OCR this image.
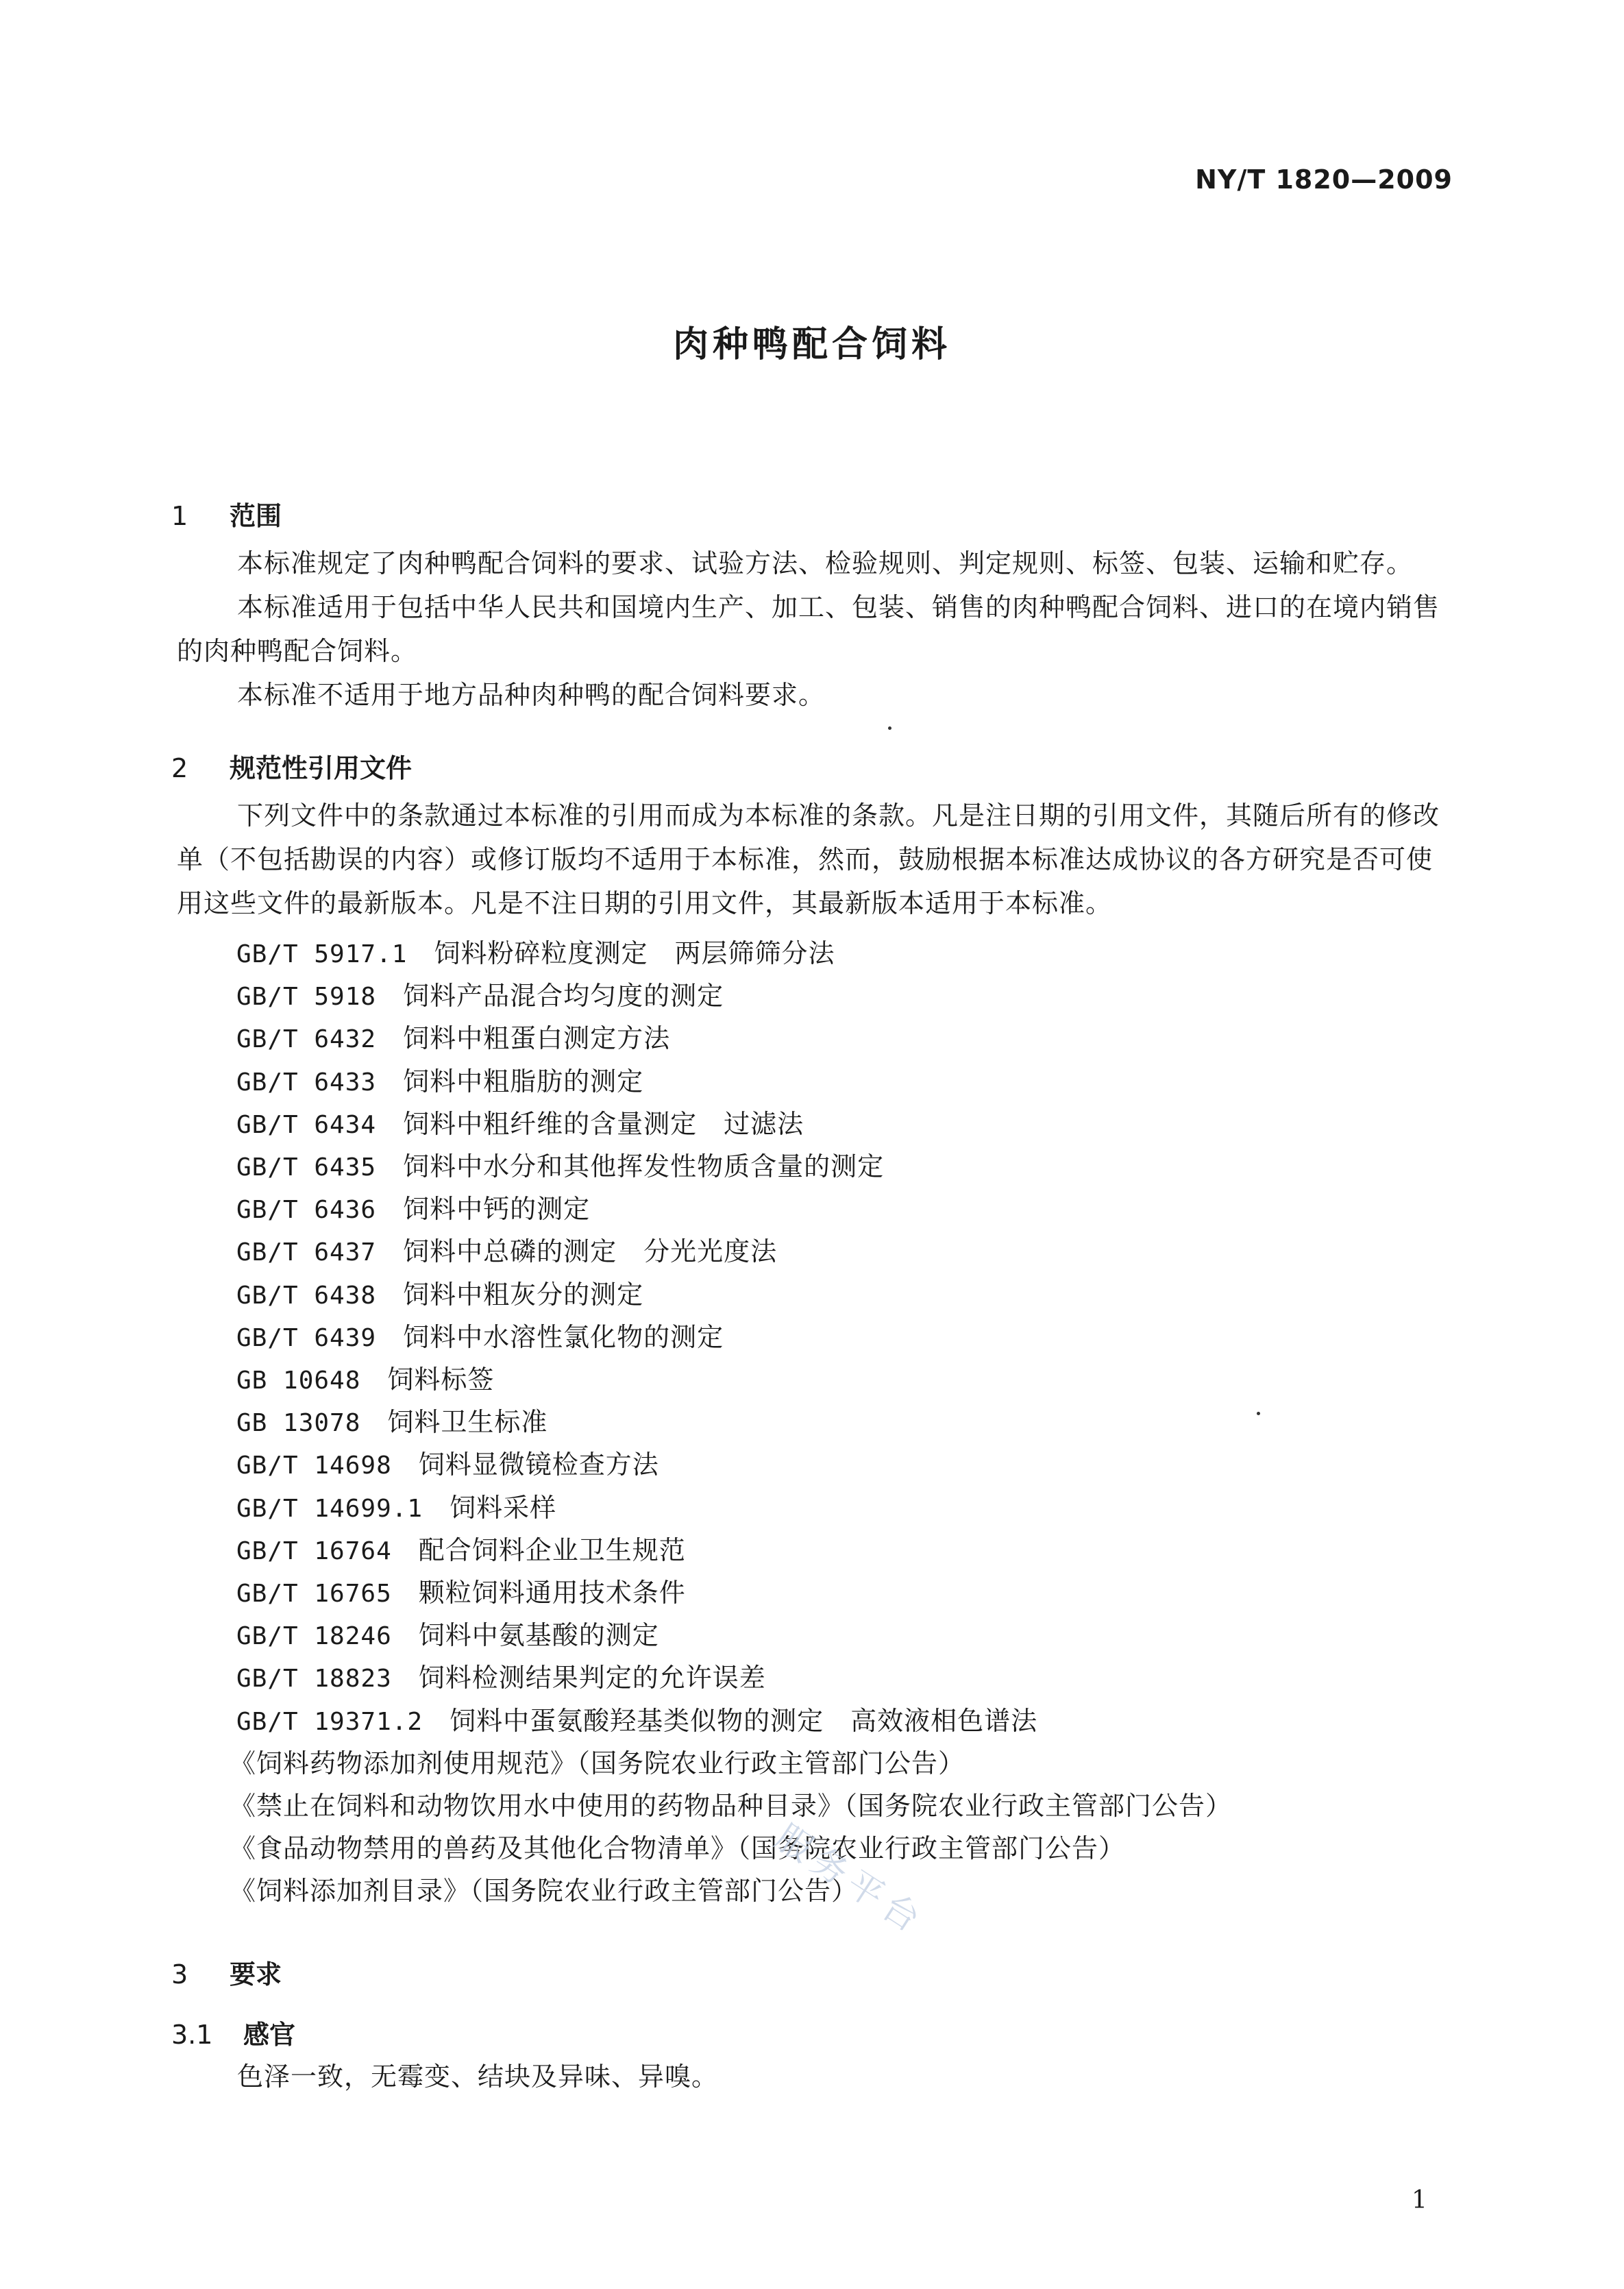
NY/T 1820—2009
肉种鸭配合饲料
1 范围
本标准规定了肉种鸭配合饲料的要求、试验方法、检验规则、判定规则、标签、包装、运输和贮存。
本标准适用于包括中华人民共和国境内生产、加工、包装、销售的肉种鸭配合饲料、进口的在境内销售的肉种鸭配合饲料。
本标准不适用于地方品种肉种鸭的配合饲料要求。
2 规范性引用文件
下列文件中的条款通过本标准的引用而成为本标准的条款。凡是注日期的引用文件，其随后所有的修改单（不包括勘误的内容）或修订版均不适用于本标准，然而，鼓励根据本标准达成协议的各方研究是否可使用这些文件的最新版本。凡是不注日期的引用文件，其最新版本适用于本标准。
GB/T 5917.1　 饲料粉碎粒度测定　两层筛筛分法
GB/T 5918　 饲料产品混合均匀度的测定
GB/T 6432　 饲料中粗蛋白测定方法
GB/T 6433　 饲料中粗脂肪的测定
GB/T 6434　 饲料中粗纤维的含量测定　过滤法
GB/T 6435　 饲料中水分和其他挥发性物质含量的测定
GB/T 6436　 饲料中钙的测定
GB/T 6437　 饲料中总磷的测定　分光光度法
GB/T 6438　 饲料中粗灰分的测定
GB/T 6439　 饲料中水溶性氯化物的测定
GB 10648　 饲料标签
GB 13078　 饲料卫生标准
GB/T 14698　 饲料显微镜检查方法
GB/T 14699.1　 饲料采样
GB/T 16764　 配合饲料企业卫生规范
GB/T 16765　 颗粒饲料通用技术条件
GB/T 18246　 饲料中氨基酸的测定
GB/T 18823　 饲料检测结果判定的允许误差
GB/T 19371.2　 饲料中蛋氨酸羟基类似物的测定　高效液相色谱法
《饲料药物添加剂使用规范》（国务院农业行政主管部门公告）
《禁止在饲料和动物饮用水中使用的药物品种目录》（国务院农业行政主管部门公告）
《食品动物禁用的兽药及其他化合物清单》（国务院农业行政主管部门公告）
《饲料添加剂目录》（国务院农业行政主管部门公告）
3 要求
3.1 感官
色泽一致，无霉变、结块及异味、异嗅。
服务平台
1
